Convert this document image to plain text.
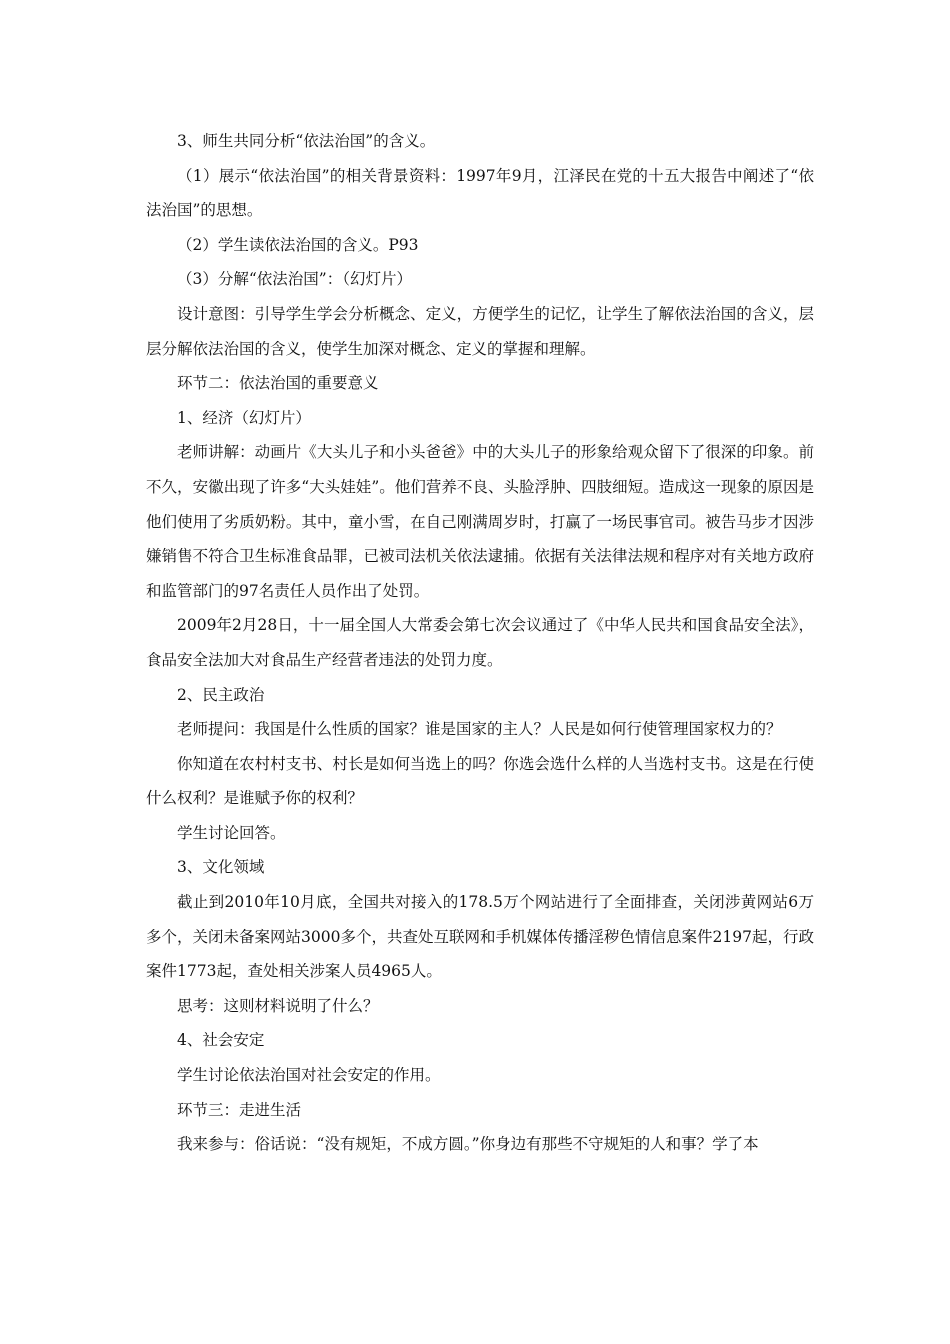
3、师生共同分析“依法治国”的含义。

（1）展示“依法治国”的相关背景资料：1997年9月，江泽民在党的十五大报告中阐述了“依法治国”的思想。

（2）学生读依法治国的含义。P93

（3）分解“依法治国”：（幻灯片）

设计意图：引导学生学会分析概念、定义，方便学生的记忆，让学生了解依法治国的含义，层层分解依法治国的含义，使学生加深对概念、定义的掌握和理解。

环节二：依法治国的重要意义

1、经济（幻灯片）

老师讲解：动画片《大头儿子和小头爸爸》中的大头儿子的形象给观众留下了很深的印象。前不久，安徽出现了许多“大头娃娃”。他们营养不良、头脸浮肿、四肢细短。造成这一现象的原因是他们使用了劣质奶粉。其中，童小雪，在自己刚满周岁时，打赢了一场民事官司。被告马步才因涉嫌销售不符合卫生标准食品罪，已被司法机关依法逮捕。依据有关法律法规和程序对有关地方政府和监管部门的97名责任人员作出了处罚。

2009年2月28日，十一届全国人大常委会第七次会议通过了《中华人民共和国食品安全法》，食品安全法加大对食品生产经营者违法的处罚力度。

2、民主政治

老师提问：我国是什么性质的国家？谁是国家的主人？人民是如何行使管理国家权力的？

你知道在农村村支书、村长是如何当选上的吗？你选会选什么样的人当选村支书。这是在行使什么权利？是谁赋予你的权利？

学生讨论回答。

3、文化领域

截止到2010年10月底，全国共对接入的178.5万个网站进行了全面排查，关闭涉黄网站6万多个，关闭未备案网站3000多个，共查处互联网和手机媒体传播淫秽色情信息案件2197起，行政案件1773起，查处相关涉案人员4965人。

思考：这则材料说明了什么？

4、社会安定

学生讨论依法治国对社会安定的作用。

环节三：走进生活

我来参与：俗话说：“没有规矩，不成方圆。”你身边有那些不守规矩的人和事？学了本
